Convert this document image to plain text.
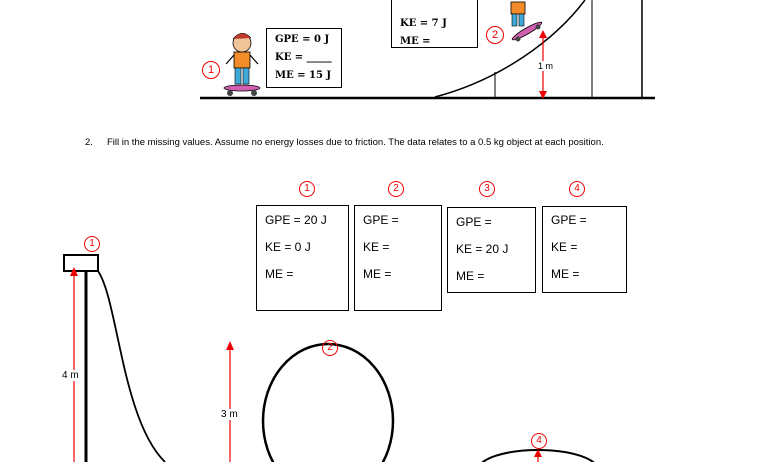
GPE = 0 J
KE = _____
ME = 15 J
KE = 7 J
ME =
1
2
1 m
2. Fill in the missing values. Assume no energy losses due to friction. The data relates to a 0.5 kg object at each position.
1	2	3	4
GPE = 20 J
KE = 0 J
ME =
GPE =
KE =
ME =
GPE =
KE = 20 J
ME =
GPE =
KE =
ME =
1
2
4
4 m
3 m
